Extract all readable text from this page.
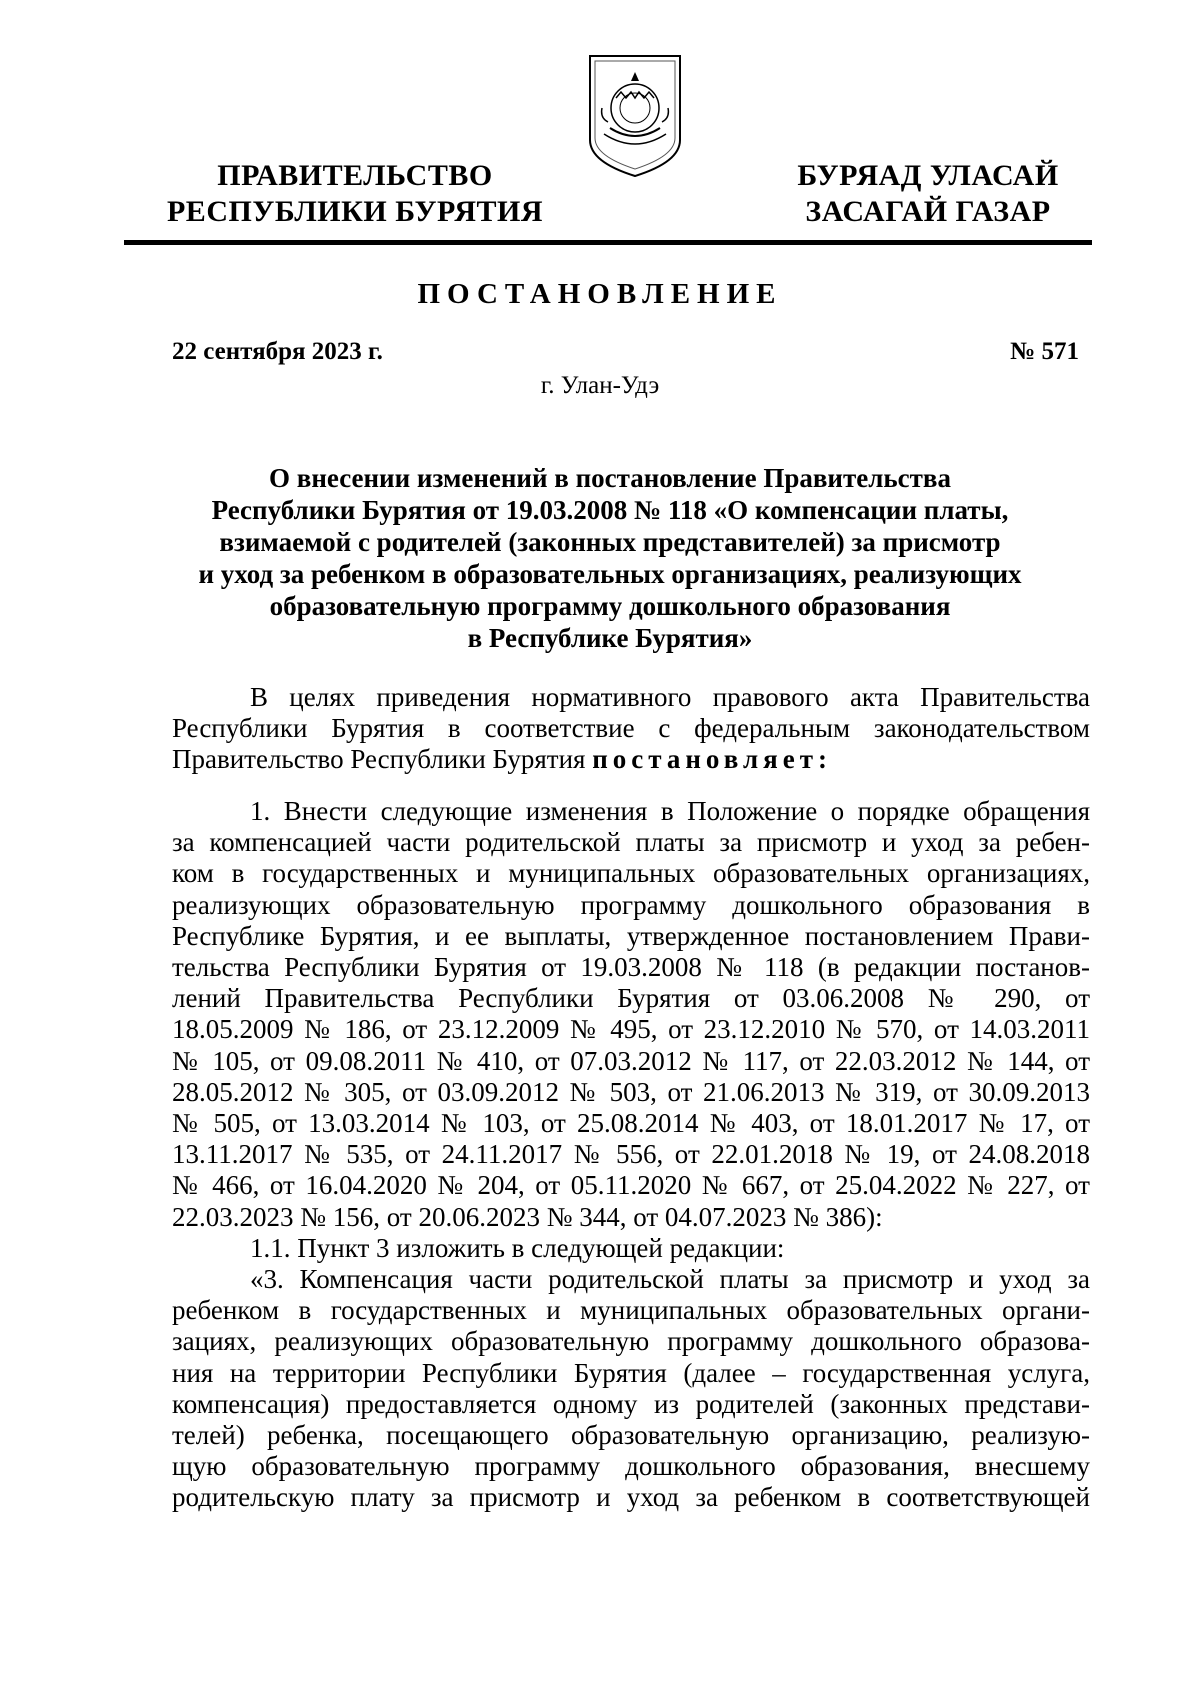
ПРАВИТЕЛЬСТВО
РЕСПУБЛИКИ БУРЯТИЯ
БУРЯАД УЛАСАЙ
ЗАСАГАЙ ГАЗАР
ПОСТАНОВЛЕНИЕ
22 сентября 2023 г.	№ 571
г. Улан-Удэ
О внесении изменений в постановление Правительства
Республики Бурятия от 19.03.2008 № 118 «О компенсации платы,
взимаемой с родителей (законных представителей) за присмотр
и уход за ребенком в образовательных организациях, реализующих
образовательную программу дошкольного образования
в Республике Бурятия»
В целях приведения нормативного правового акта Правительства
Республики Бурятия в соответствие с федеральным законодательством
Правительство Республики Бурятия постановляет:
1. Внести следующие изменения в Положение о порядке обращения
за компенсацией части родительской платы за присмотр и уход за ребен-
ком в государственных и муниципальных образовательных организациях,
реализующих образовательную программу дошкольного образования в
Республике Бурятия, и ее выплаты, утвержденное постановлением Прави-
тельства Республики Бурятия от 19.03.2008 № 118 (в редакции постанов-
лений Правительства Республики Бурятия от 03.06.2008 № 290, от
18.05.2009 № 186, от 23.12.2009 № 495, от 23.12.2010 № 570, от 14.03.2011
№ 105, от 09.08.2011 № 410, от 07.03.2012 № 117, от 22.03.2012 № 144, от
28.05.2012 № 305, от 03.09.2012 № 503, от 21.06.2013 № 319, от 30.09.2013
№ 505, от 13.03.2014 № 103, от 25.08.2014 № 403, от 18.01.2017 № 17, от
13.11.2017 № 535, от 24.11.2017 № 556, от 22.01.2018 № 19, от 24.08.2018
№ 466, от 16.04.2020 № 204, от 05.11.2020 № 667, от 25.04.2022 № 227, от
22.03.2023 № 156, от 20.06.2023 № 344, от 04.07.2023 № 386):
1.1. Пункт 3 изложить в следующей редакции:
«3. Компенсация части родительской платы за присмотр и уход за
ребенком в государственных и муниципальных образовательных органи-
зациях, реализующих образовательную программу дошкольного образова-
ния на территории Республики Бурятия (далее – государственная услуга,
компенсация) предоставляется одному из родителей (законных представи-
телей) ребенка, посещающего образовательную организацию, реализую-
щую образовательную программу дошкольного образования, внесшему
родительскую плату за присмотр и уход за ребенком в соответствующей
